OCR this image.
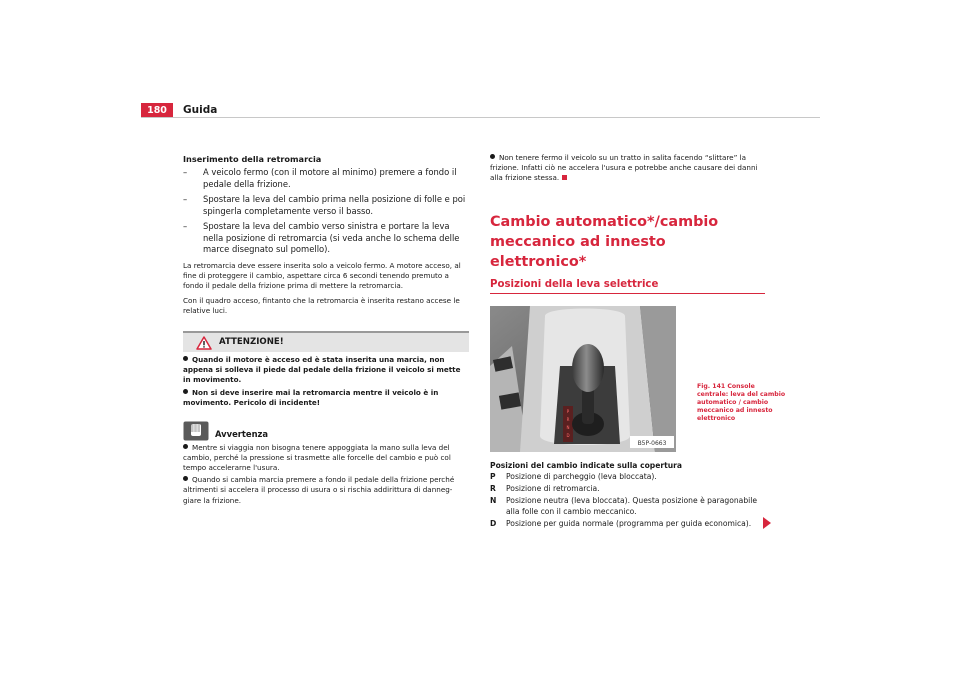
180	Guida
Inserimento della retromarcia
– A veicolo fermo (con il motore al minimo) premere a fondo il pedale della frizione.
– Spostare la leva del cambio prima nella posizione di folle e poi spingerla completamente verso il basso.
– Spostare la leva del cambio verso sinistra e portare la leva nella posizione di retromarcia (si veda anche lo schema delle marce disegnato sul pomello).

La retromarcia deve essere inserita solo a veicolo fermo. A motore acceso, al fine di proteggere il cambio, aspettare circa 6 secondi tenendo premuto a fondo il pedale della frizione prima di mettere la retromarcia.

Con il quadro acceso, fintanto che la retromarcia è inserita restano accese le relative luci.

ATTENZIONE!

Quando il motore è acceso ed è stata inserita una marcia, non appena si solleva il piede dal pedale della frizione il veicolo si mette in movimento.

Non si deve inserire mai la retromarcia mentre il veicolo è in movimento. Pericolo di incidente!

Avvertenza

Mentre si viaggia non bisogna tenere appoggiata la mano sulla leva del cambio, perché la pressione si trasmette alle forcelle del cambio e può col tempo accelerarne l'usura.

Quando si cambia marcia premere a fondo il pedale della frizione perché altrimenti si accelera il processo di usura o si rischia addirittura di danneg-giare la frizione.

Non tenere fermo il veicolo su un tratto in salita facendo “slittare” la frizione. Infatti ciò ne accelera l'usura e potrebbe anche causare dei danni alla frizione stessa.

Cambio automatico*/cambio meccanico ad innesto elettronico*
Posizioni della leva selettrice
P
R
N
D
B5P-0663
Fig. 141 Console centrale: leva del cambio automatico / cambio meccanico ad innesto elettronico
Posizioni del cambio indicate sulla copertura
P Posizione di parcheggio (leva bloccata).
R Posizione di retromarcia.
N Posizione neutra (leva bloccata). Questa posizione è paragonabile alla folle con il cambio meccanico.
D Posizione per guida normale (programma per guida economica).
